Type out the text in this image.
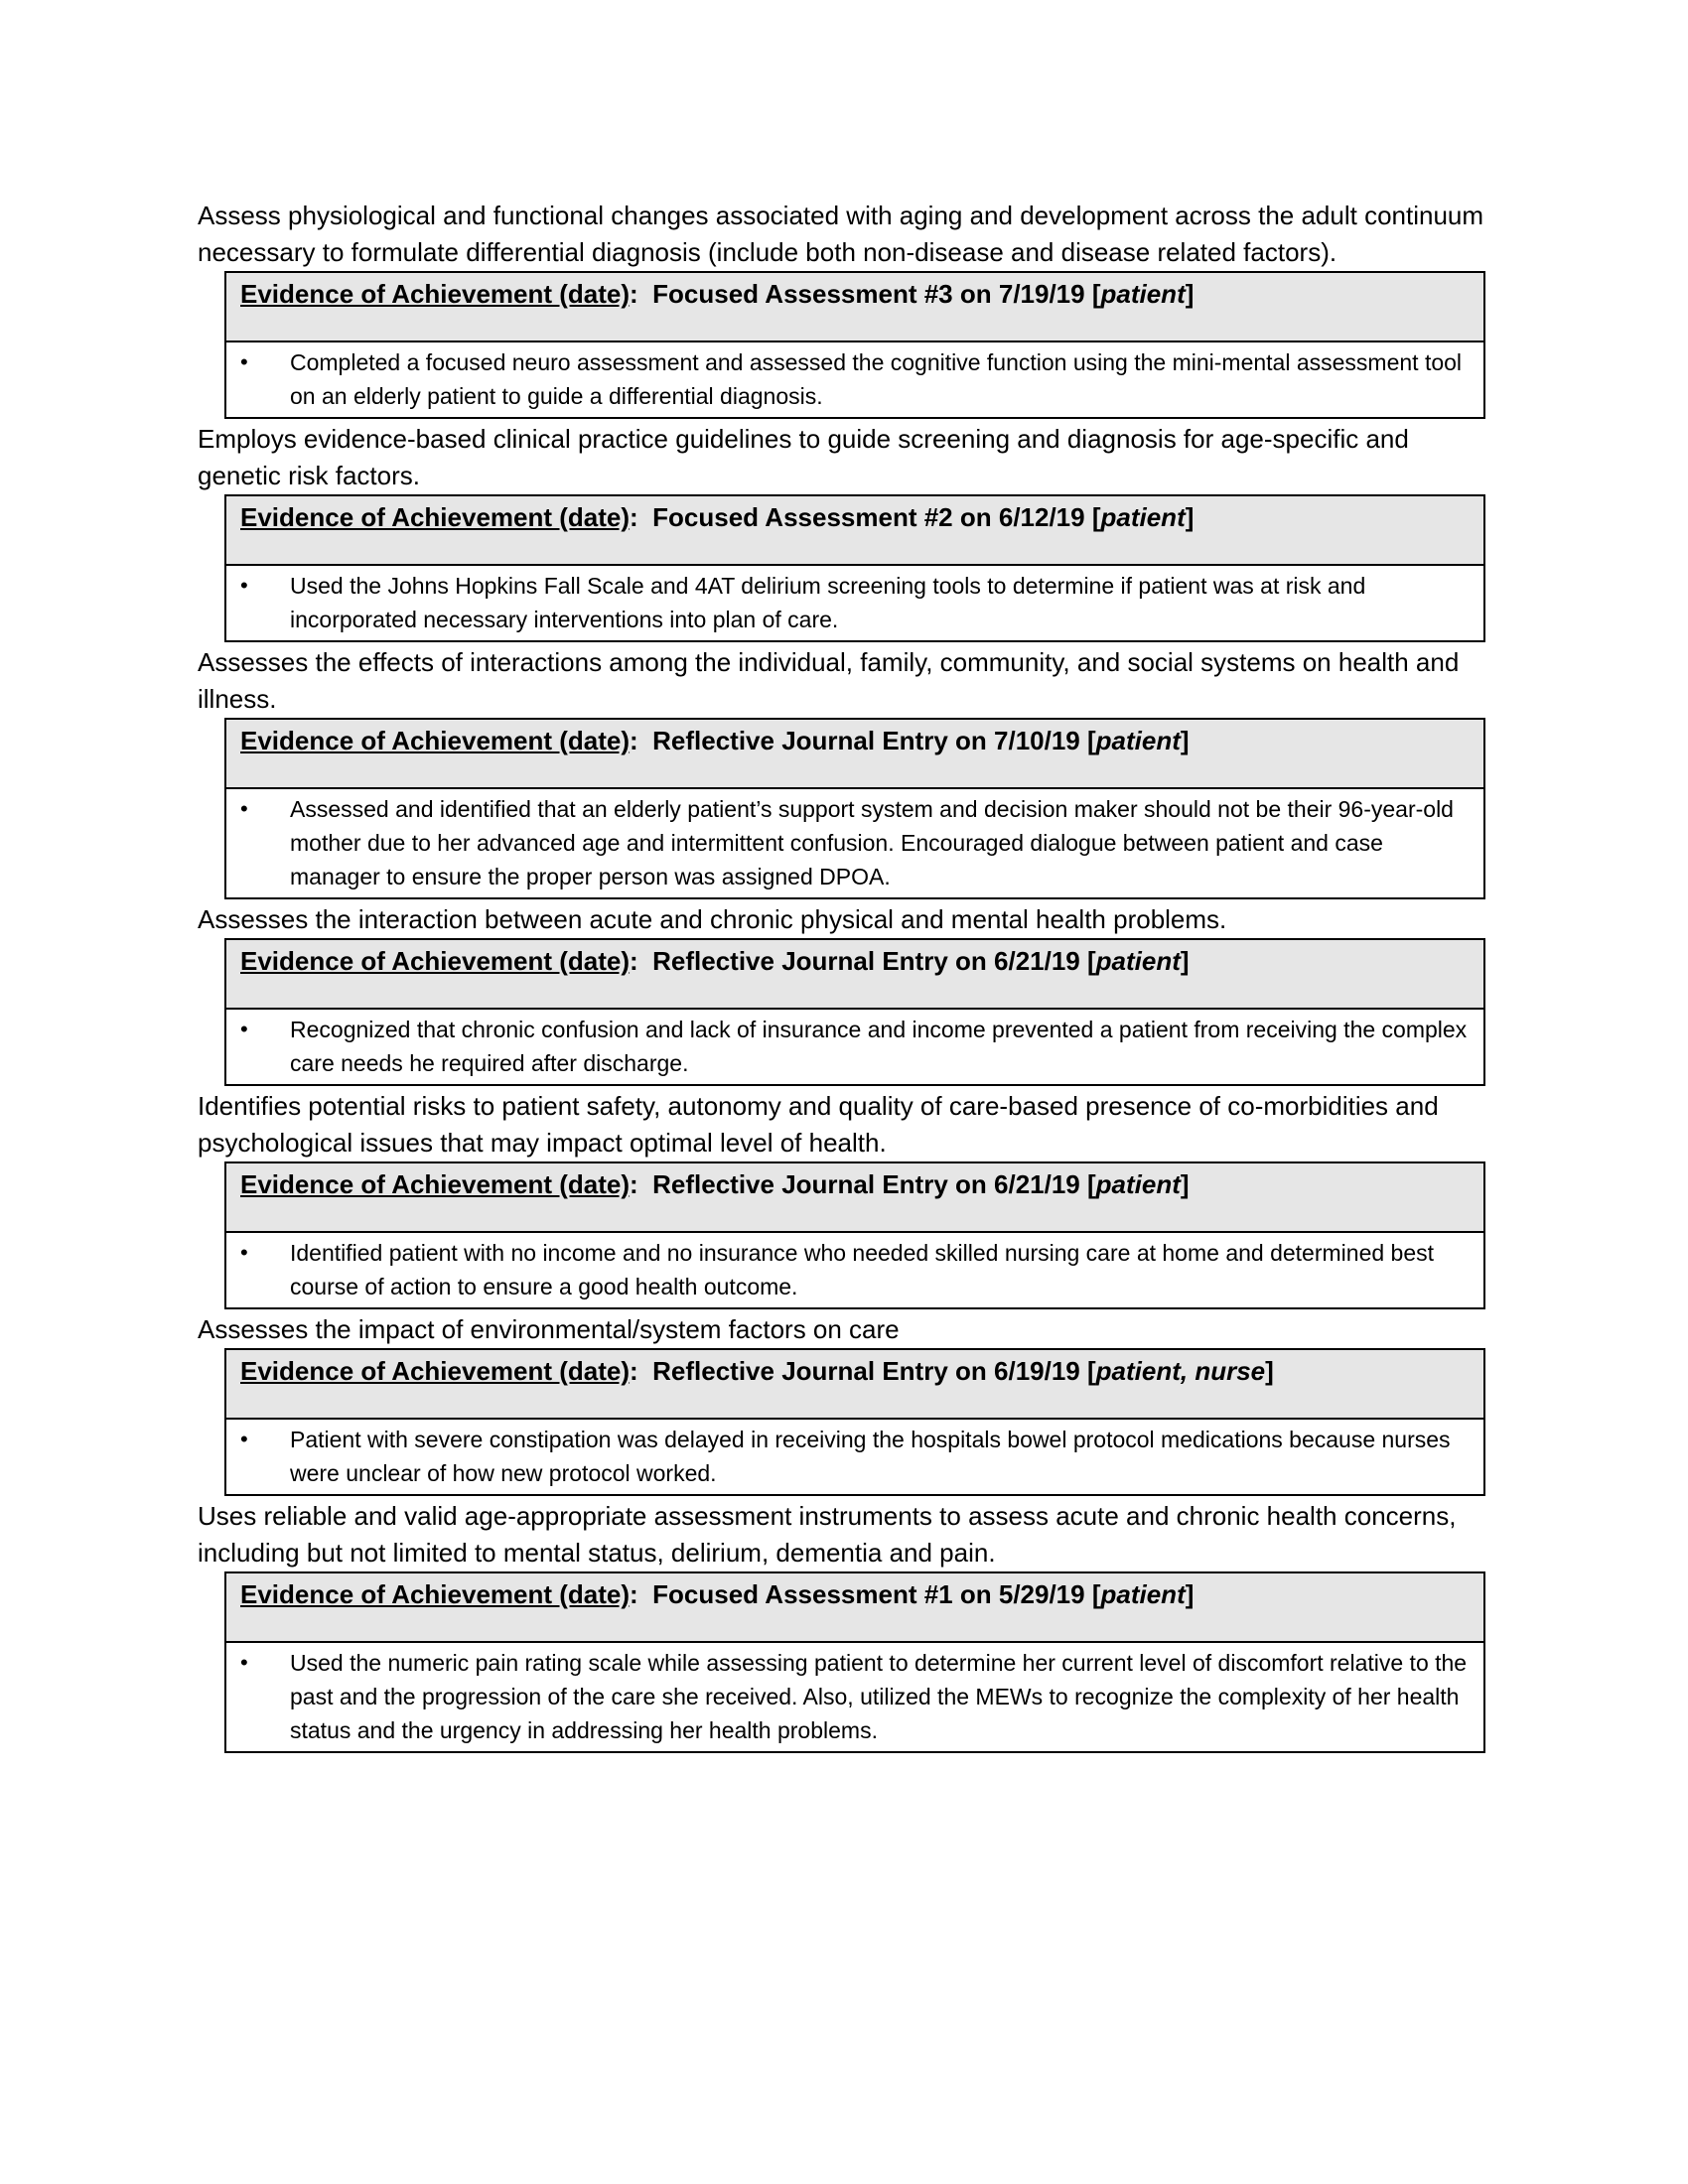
Assess physiological and functional changes associated with aging and development across the adult continuum necessary to formulate differential diagnosis (include both non-disease and disease related factors).

Evidence of Achievement (date):  Focused Assessment #3 on 7/19/19 [patient]
•	Completed a focused neuro assessment and assessed the cognitive function using the mini-mental assessment tool on an elderly patient to guide a differential diagnosis.

Employs evidence-based clinical practice guidelines to guide screening and diagnosis for age-specific and genetic risk factors.

Evidence of Achievement (date):  Focused Assessment #2 on 6/12/19 [patient]
•	Used the Johns Hopkins Fall Scale and 4AT delirium screening tools to determine if patient was at risk and incorporated necessary interventions into plan of care.

Assesses the effects of interactions among the individual, family, community, and social systems on health and illness.

Evidence of Achievement (date):  Reflective Journal Entry on 7/10/19 [patient]
•	Assessed and identified that an elderly patient’s support system and decision maker should not be their 96-year-old mother due to her advanced age and intermittent confusion. Encouraged dialogue between patient and case manager to ensure the proper person was assigned DPOA.

Assesses the interaction between acute and chronic physical and mental health problems.

Evidence of Achievement (date):  Reflective Journal Entry on 6/21/19 [patient]
•	Recognized that chronic confusion and lack of insurance and income prevented a patient from receiving the complex care needs he required after discharge.

Identifies potential risks to patient safety, autonomy and quality of care-based presence of co-morbidities and psychological issues that may impact optimal level of health.

Evidence of Achievement (date):  Reflective Journal Entry on 6/21/19 [patient]
•	Identified patient with no income and no insurance who needed skilled nursing care at home and determined best course of action to ensure a good health outcome.

Assesses the impact of environmental/system factors on care

Evidence of Achievement (date):  Reflective Journal Entry on 6/19/19 [patient, nurse]
•	Patient with severe constipation was delayed in receiving the hospitals bowel protocol medications because nurses were unclear of how new protocol worked.

Uses reliable and valid age-appropriate assessment instruments to assess acute and chronic health concerns, including but not limited to mental status, delirium, dementia and pain.

Evidence of Achievement (date):  Focused Assessment #1 on 5/29/19 [patient]
•	Used the numeric pain rating scale while assessing patient to determine her current level of discomfort relative to the past and the progression of the care she received. Also, utilized the MEWs to recognize the complexity of her health status and the urgency in addressing her health problems.
